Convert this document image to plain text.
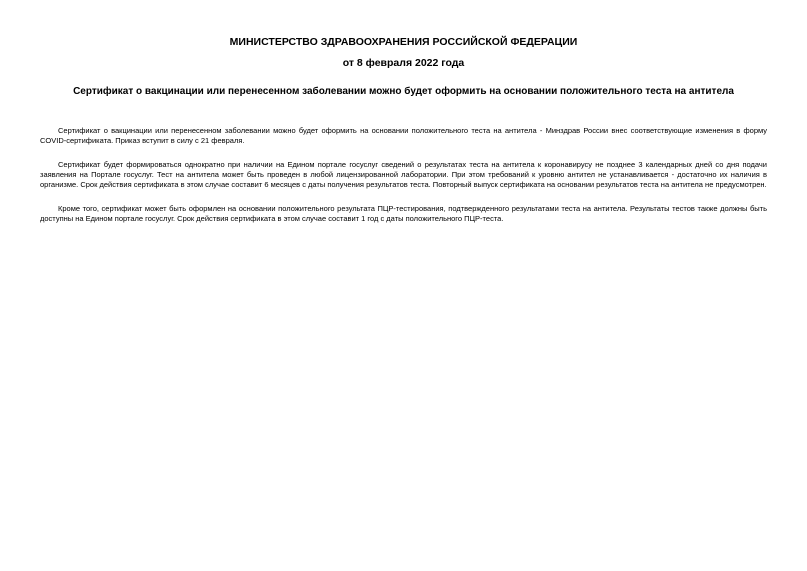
МИНИСТЕРСТВО ЗДРАВООХРАНЕНИЯ РОССИЙСКОЙ ФЕДЕРАЦИИ
от 8 февраля 2022 года
Сертификат о вакцинации или перенесенном заболевании можно будет оформить на основании положительного теста на антитела

Сертификат о вакцинации или перенесенном заболевании можно будет оформить на основании положительного теста на антитела - Минздрав России внес соответствующие изменения в форму COVID-сертификата. Приказ вступит в силу с 21 февраля.

Сертификат будет формироваться однократно при наличии на Едином портале госуслуг сведений о результатах теста на антитела к коронавирусу не позднее 3 календарных дней со дня подачи заявления на Портале госуслуг. Тест на антитела может быть проведен в любой лицензированной лаборатории. При этом требований к уровню антител не устанавливается - достаточно их наличия в организме. Срок действия сертификата в этом случае составит 6 месяцев с даты получения результатов теста. Повторный выпуск сертификата на основании результатов теста на антитела не предусмотрен.

Кроме того, сертификат может быть оформлен на основании положительного результата ПЦР-тестирования, подтвержденного результатами теста на антитела. Результаты тестов также должны быть доступны на Едином портале госуслуг. Срок действия сертификата в этом случае составит 1 год с даты положительного ПЦР-теста.
